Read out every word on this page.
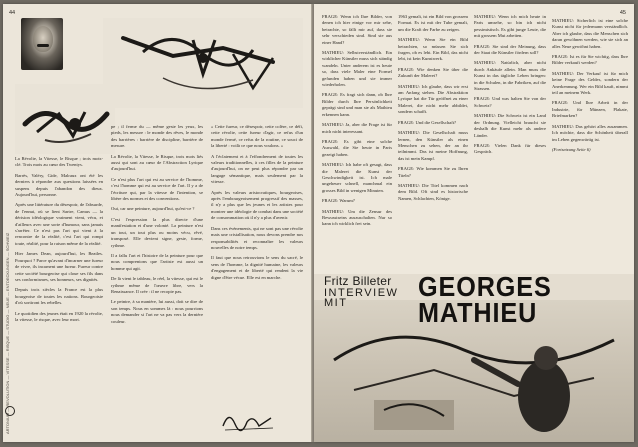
44
ARTONIUM — REVOLUTION — VITESSE — RISQUE — STUDIO — NEUE — ENTDECKUNGEN — SCHWEIZ

La Révolte, la Vitesse, le Risque ; trois mots-clé. Trois mots au cœur des Twentys.

Barrès, Valéry, Gide, Malraux ont été les derniers à répondre aux questions laissées en suspens depuis l'abandon des dieux. Aujourd'hui, personne.

Après une littérature du désespoir, de l'absurde, de l'ennui, où se lient Sartre, Camus — la dérision idéologique vraiment vient, vécu, et d'ailleurs avec une sorte d'humour, sans jamais s'arrêter. Ce n'est pas l'art qui vient à la rencontre de la réalité, c'est l'art qui rompt toute, réalité, pour la raison même de la réalité.

Hier James Dean, aujourd'hui, les Beatles. Pourquoi ? Parce qu'avant d'incarner une fureur de vivre, ils incarnent une fureur. Fureur contre cette société bourgeoise qui cloue ses fils dans ses conformismes, ses honneurs, ses dignités.

Depuis trois siècles la France est la plus bourgeoise de toutes les nations. Bourgeoisie d'où sortiront les rebelles.

Le quotidien des jeunes était en 1920 la révolte, la vitesse, le risque, avec leur mort.

pe ; il ferme du — même geste les yeux, les pieds, les mesure : le monde des rêves, le monde des barrières : barrière de discipline, barrière de mesure.

La Révolte, la Vitesse, le Risque, trois mots liés aussi qui sont au cœur de l'Abstraction Lyrique d'aujourd'hui.

Ce n'est plus l'art qui est au service de l'homme, c'est l'homme qui est au service de l'art. Il y a de l'écriture qui, par la vitesse de l'intention, se libère des normes et des conventions.

Oui, car une peinture, aujourd'hui, qu'est-ce ?

C'est l'expression la plus directe d'une manifestation et d'une volonté. La peinture n'est un tout, un tout plus ou moins vécu, rêvé, transposé. Elle devient signe, geste, forme, rythme.

Il a fallu l'art et l'histoire de la peinture pour que nous comprenions que l'artiste est aussi un homme qui agit.

De là vient le tableau, le réel, la vitesse, qui est le rythme même de l'œuvre libre, vers la Renaissance. Il crée : il ne recopie pas.

Le peintre, à sa manière, lui aussi, doit se dire de son temps. Nous en sommes là : nous pourrions nous demander si l'art ne va pas vers la dernière couleur.

« Cette fureur, ce désespoir, cette colère, ce défi, cette révolte, cette fureur d'agir, ce refus d'un monde fermé, ce refus de la routine, ce souci de la liberté : voilà ce que nous voulons. »

A l'éclatement et à l'effondrement de toutes les valeurs traditionnelles, à ces filles de la peinture d'aujourd'hui, on ne peut plus répondre par un langage sémantique, mais seulement par la vitesse.

Après les valeurs aristocratiques, bourgeoises, après l'embourgeoisement progressif des masses, il n'y a plus que les jeunes et les artistes pour montrer une idéologie de combat dans une société de consommation où il n'y a plus d'avenir.

Dans ces événements, qui ne sont pas une révolte mais une cristallisation, nous devons prendre nos responsabilités et reconnaître les valeurs nouvelles de notre temps.

Il faut que nous retrouvions le sens du sacré, le sens de l'homme, la dignité humaine, les valeurs d'engagement et de liberté qui rendent la vie digne d'être vécue. Elle est en marche.

45

FRAGE: Wenn ich Ihre Bilder, von denen ich hier einige vor mir sehe, betrachte, so fällt mir auf, dass sie sehr verschieden sind. Sind sie aus einer Hand?

MATHIEU: Selbstverständlich. Ein wirklicher Künstler muss sich ständig wandeln. Unter anderem ist es heute so, dass viele Maler eine Formel gefunden haben und sie immer wiederholen.

FRAGE: Es fragt sich dann, ob Ihre Bilder durch Ihre Persönlichkeit geprägt sind und man sie als Mathieu erkennen kann.

MATHIEU: Ja, aber die Frage ist für mich nicht interessant.

FRAGE: Es gibt eine solche Auswahl, die Sie heute in Paris gezeigt haben.

MATHIEU: Ich habe oft gesagt, dass die Malerei die Kunst der Geschwindigkeit ist. Ich male ungeheuer schnell, manchmal ein grosses Bild in wenigen Minuten.

FRAGE: Warum?

MATHIEU: Um die Zensur des Bewusstseins auszuschalten. Nur so kann ich wirklich frei sein.

1963 gemalt, ist ein Bild von grossem Format. Es ist mit der Tube gemalt, um die Kraft der Farbe zu zeigen.

MATHIEU: Wenn Sie ein Bild betrachten, so müssen Sie sich fragen, ob es lebt. Ein Bild, das nicht lebt, ist kein Kunstwerk.

FRAGE: Wie denken Sie über die Zukunft der Malerei?

MATHIEU: Ich glaube, dass wir erst am Anfang stehen. Die Abstraktion Lyrique hat die Tür geöffnet zu einer Malerei, die nicht mehr abbildet, sondern schafft.

FRAGE: Und die Gesellschaft?

MATHIEU: Die Gesellschaft muss lernen, den Künstler als einen Menschen zu sehen, der an ihr teilnimmt. Das ist meine Hoffnung, das ist mein Kampf.

FRAGE: Wie kommen Sie zu Ihren Titeln?

MATHIEU: Die Titel kommen nach dem Bild. Oft sind es historische Namen, Schlachten, Könige.

MATHIEU: Wenn ich mich heute in Paris umsehe, so bin ich nicht pessimistisch. Es gibt junge Leute, die mit grossem Mut arbeiten.

FRAGE: Sie sind der Meinung, dass der Staat die Künstler fördern soll?

MATHIEU: Natürlich, aber nicht durch Ankäufe allein. Man muss die Kunst in das tägliche Leben bringen: in die Schulen, in die Fabriken, auf die Strassen.

FRAGE: Und was halten Sie von der Schweiz?

MATHIEU: Die Schweiz ist ein Land der Ordnung. Vielleicht braucht sie deshalb die Kunst mehr als andere Länder.

FRAGE: Vielen Dank für dieses Gespräch.

MATHIEU: Sicherlich ist eine solche Kunst nicht für jedermann verständlich. Aber ich glaube, dass die Menschen sich daran gewöhnen werden, wie sie sich an alles Neue gewöhnt haben.

FRAGE: Ist es für Sie wichtig, dass Ihre Bilder verkauft werden?

MATHIEU: Der Verkauf ist für mich keine Frage des Geldes, sondern der Anerkennung. Wer ein Bild kauft, nimmt teil an meinem Werk.

FRAGE: Und Ihre Arbeit in der Industrie, für Münzen, Plakate, Briefmarken?

MATHIEU: Das gehört alles zusammen. Ich möchte, dass die Schönheit überall im Leben gegenwärtig ist.

(Fortsetzung Seite 6)

Fritz Billeter
INTERVIEW
MIT
GEORGES
MATHIEU
